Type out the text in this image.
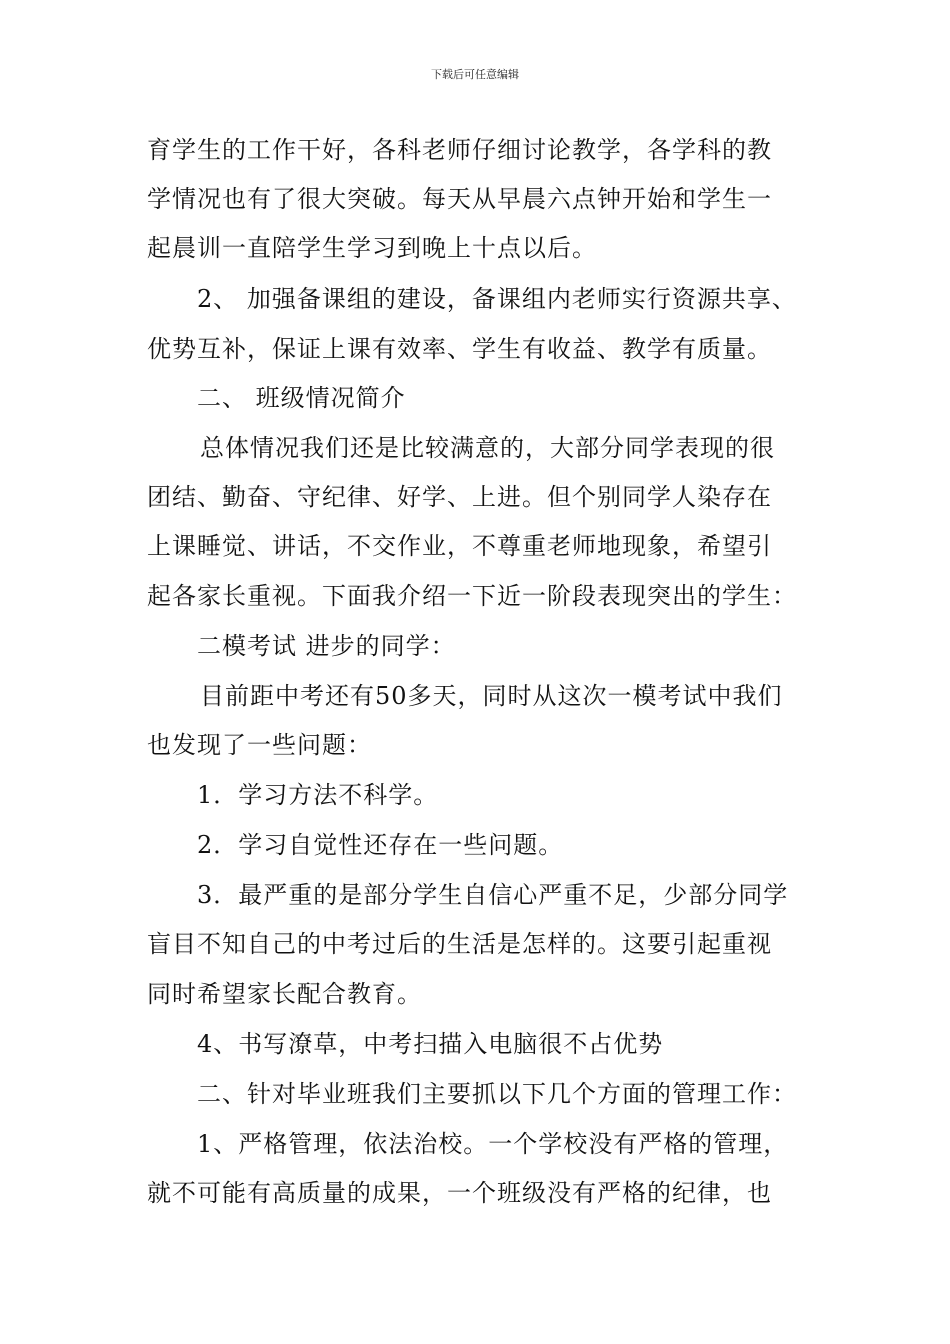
下载后可任意编辑
育学生的工作干好，各科老师仔细讨论教学，各学科的教
学情况也有了很大突破。每天从早晨六点钟开始和学生一
起晨训一直陪学生学习到晚上十点以后。
2、 加强备课组的建设，备课组内老师实行资源共享、
优势互补，保证上课有效率、学生有收益、教学有质量。
二、 班级情况简介
总体情况我们还是比较满意的，大部分同学表现的很
团结、勤奋、守纪律、好学、上进。但个别同学人染存在
上课睡觉、讲话，不交作业，不尊重老师地现象，希望引
起各家长重视。下面我介绍一下近一阶段表现突出的学生：
二模考试 进步的同学：
目前距中考还有50多天，同时从这次一模考试中我们
也发现了一些问题：
1．学习方法不科学。
2．学习自觉性还存在一些问题。
3．最严重的是部分学生自信心严重不足，少部分同学
盲目不知自己的中考过后的生活是怎样的。这要引起重视
同时希望家长配合教育。
4、书写潦草，中考扫描入电脑很不占优势
二、针对毕业班我们主要抓以下几个方面的管理工作：
1、严格管理，依法治校。一个学校没有严格的管理，
就不可能有高质量的成果，一个班级没有严格的纪律，也
